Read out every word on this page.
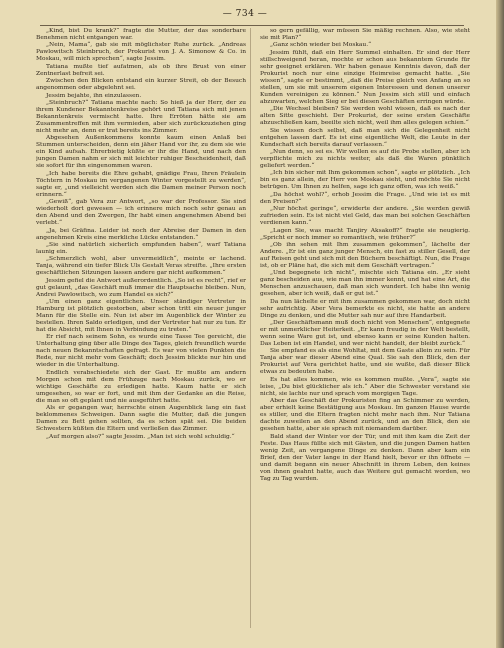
— 734 —

„Kind, bist Du krank?“ fragte die Mutter, der das sonderbare Benehmen nicht entgangen war.

„Nein, Mama“, gab sie mit möglichster Ruhe zurück. „Andreas Pawlowitsch Steinbruch, der Prokurist von J. A. Simonow & Co. in Moskau, will mich sprechen“, sagte Jessim.

Tatiana mußte tief aufatmen, als ob ihre Brust von einer Zentnerlast befreit sei.

Zwischen den Blicken entstand ein kurzer Streit, ob der Besuch angenommen oder abgelehnt sei.

Jessim bejahte, ihn einzulassen.

„Steinbruch?“ Tatiana machte nach: So hieß ja der Herr, der zu ihrem Kundener Bekanntenkreise gehört und Tatiana sich mit jenen Bekanntenkreis vermischt hatte. Ihre Erröten hätte sie am Zusammentreffen mit ihm vermieden, aber sich zurückzuziehen ging nicht mehr an, denn er trat bereits ins Zimmer.

Abgesehen Außenkommens konnte kaum einen Anlaß bei Stummen unterscheiden, denn ein jäher Hand vor ihr, zu dem sie wie ein Kind aufsah. Ehrerbietig küßte er ihr die Hand, und nach den jungen Damen nahm er sich mit leichter ruhiger Bescheidenheit, daß sie sofort für ihn eingenommen waren.

„Ich habe bereits die Ehre gehabt, gnädige Frau, Ihren Fräulein Töchtern in Moskau im vergangenen Winter vorgestellt zu werden“, sagte er, „und vielleicht werden sich die Damen meiner Person noch erinnern.“

„Gewiß“, gab Vera zur Antwort, „so war der Professor. Sie sind wiederholt dort gewesen — ich erinnere mich noch sehr genau an den Abend und den Zwergen, Ihr habt einen angenehmen Abend bei verlebt.“

„Ja, bei Gräfina. Leider ist noch der Abreise der Damen in den angenehmen Kreis eine merkliche Lücke entstanden.“

„Sie sind natürlich sicherlich empfunden haben“, warf Tatiana launig ein.

„Schmerzlich wohl, aber unvermeidlich“, meinte er lachend. Tanja, während ein tiefer Blick Uls Gestalt Veras streifte. „Ihre ersten geschäftlichen Sitzungen lassen andere gar nicht aufkommen.“

Jessim gefiel die Antwort außerordentlich. „So ist es recht“, rief er gut gelaunt, „das Geschäft muß immer die Hauptsache bleiben. Nun, Andrei Pawlowitsch, wo zum Handel es sich?“

„Um einen ganz eigentlichen. Unser ständiger Vertreter in Hamburg ist plötzlich gestorben, aber schon tritt ein neuer junger Mann für die Stelle ein. Nun ist aber im Augenblick der Winter zu bestellen. Ihren Saldo erledigen, und der Vertreter hat nur zu tun. Er hat die Absicht, mit Ihnen in Verbindung zu treten.“

Er rief nach seinem Sohn, es wurde eine Tasse Tee gereicht, die Unterhaltung ging über alle Dinge des Tages, gleich freundlich wurde nach neuen Bekanntschaften gefragt. Es war von vielen Punkten die Rede, nur nicht mehr vom Geschäft; doch Jessim blickte nur hin und wieder in die Unterhaltung.

Endlich verabschiedete sich der Gast. Er mußte am andern Morgen schon mit dem Frühzuge nach Moskau zurück, wo er wichtige Geschäfte zu erledigen hatte. Kaum hatte er sich umgesehen, so war er fort, und mit ihm der Gedanke an die Reise, die man so oft geplant und nie ausgeführt hatte.

Als er gegangen war, herrschte einen Augenblick lang ein fast beklommenes Schweigen. Dann sagte die Mutter, daß die jungen Damen zu Bett gehen sollten, da es schon spät sei. Die beiden Schwestern küßten die Eltern und verließen das Zimmer.

„Auf morgen also?“ sagte Jessim. „Man ist sich wohl schuldig.“

so gern gefällig, war müssen Sie mäßig rechnen. Also, wie steht sie mit Plan?“

„Ganz schön wieder bei Moskau.“

Jessim fühlt, daß ein Herr Summel einhalten. Er sind der Herr stillschweigend heran, mochte er schon aus bekanntem Grunde für sehr geeignet erklären. Wir haben genaue Kenntnis davon, daß der Prokurist noch nur eine einzige Heimreise gemacht hatte. „Sie wissen“, sagte er bestimmt, „daß die Preise gleich von Anfang an so stellen, um sie mit unserem eigenen Interessen und denen unserer Kunden vereinigen zu können.“ Nun Jessim sich still und einfach abzuwarten, welchen Sieg er bei diesen Geschäften erringen würde.

„Die Wechsel bleiben? Sie werden wohl wissen, daß es nach der alten Sitte geschieht. Der Prokurist, der seine ersten Geschäfte abzuschließen kam, beeilte sich nicht, weil ihm alles gelegen schien.“

Sie wissen doch selbst, daß man sich die Gelegenheit nicht entgehen lassen darf. Es ist eine eigentliche Welt, die Leute in der Kundschaft sich bereits darauf verlassen.“

„Nun denn, so sei es. Wir wollen es auf die Probe stellen, aber ich verpflichte mich zu nichts weiter, als daß die Waren pünktlich geliefert werden.“

„Ich bin sicher mit Ihm gekommen schon“, sagte er plötzlich. „Ich bin es ganz allein, der Herr von Moskau sieht, und möchte Sie nicht betrügen. Um Ihnen zu helfen, sage ich ganz offen, was ich weiß.“

„Da höchst wohl?“, erhob Jessim die Frage. „Und wie ist es mit den Preisen?“

„Nur höchst geringe“, erwiderte der andere. „Sie werden gewiß zufrieden sein. Es ist nicht viel Geld, das man bei solchen Geschäften verdienen kann.“

„Lagen Sie, was macht Tanjiry Aksakoff?“ fragte sie neugierig. „Spricht er noch immer so romantisch, wie früher?“

„Ob ihn sehen mit Ihm zusammen gekommen“, lächelte der Andere. „Er ist ein ganz junger Mensch, ein fast zu stiller Gesell, der auf Reisen geht und sich mit den Büchern beschäftigt. Nun, die Frage ist, ob er Pläne hat, die sich mit dem Geschäft vertragen.“

„Und begegnete ich nicht“, mischte sich Tatiana ein. „Er sieht ganz bescheiden aus, wie man ihn immer kennt, und hat eine Art, die Menschen anzuschauen, daß man sich wundert. Ich habe ihn wenig gesehen, aber ich weiß, daß er gut ist.“

Da nun lächelte er mit ihm zusammen gekommen war, doch nicht sehr aufrichtig. Aber Vera bemerkte es nicht, sie hatte an andere Dinge zu denken, und die Mutter sah nur auf ihre Handarbeit.

„Der Geschäftsmann muß doch nicht von Menschen“, entgegnete er mit unmerklicher Heiterkeit. „Er kann freudig in der Welt bestellt, wenn seine Ware gut ist, und ebenso kann er seine Kunden halten. Das Leben ist ein Handel, und wer nicht handelt, der bleibt zurück.“

Sie empfand es als eine Wohltat, mit dem Gaste allein zu sein. Für Tanja aber war dieser Abend eine Qual. Sie sah den Blick, den der Prokurist auf Vera gerichtet hatte, und sie wußte, daß dieser Blick etwas zu bedeuten habe.

Es hat alles kommen, wie es kommen mußte. „Vera“, sagte sie leise, „Du bist glücklicher als ich.“ Aber die Schwester verstand sie nicht, sie lachte nur und sprach vom morgigen Tage.

Aber das Geschäft der Prokuristen fing an Schimmer zu werden, aber erhielt keine Bestätigung aus Moskau. Im ganzen Hause wurde es stiller, und die Eltern fragten nicht mehr nach ihm. Nur Tatiana dachte zuweilen an den Abend zurück, und an den Blick, den sie gesehen hatte, aber sie sprach mit niemandem darüber.

Bald stand der Winter vor der Tür, und mit ihm kam die Zeit der Feste. Das Haus füllte sich mit Gästen, und die jungen Damen hatten wenig Zeit, an vergangene Dinge zu denken. Dann aber kam ein Brief, den der Vater lange in der Hand hielt, bevor er ihn öffnete — und damit begann ein neuer Abschnitt in ihrem Leben, den keines von ihnen geahnt hatte, auch das Weitere gut gemacht worden, wo Tag zu Tag wurden.
